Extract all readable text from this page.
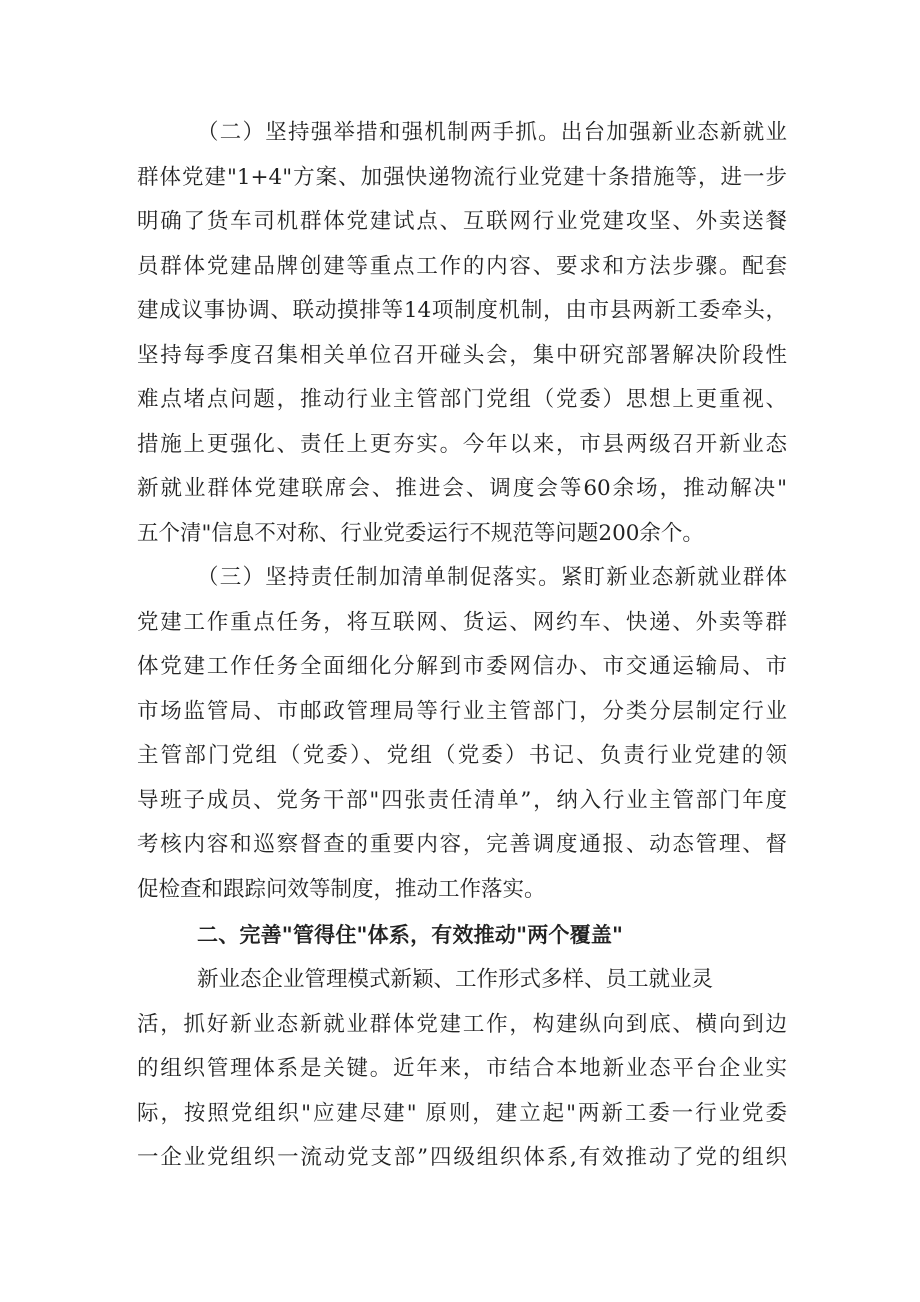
（二）坚持强举措和强机制两手抓。出台加强新业态新就业
群体党建"1+4"方案、加强快递物流行业党建十条措施等，进一步
明确了货车司机群体党建试点、互联网行业党建攻坚、外卖送餐
员群体党建品牌创建等重点工作的内容、要求和方法步骤。配套
建成议事协调、联动摸排等14项制度机制，由市县两新工委牵头，
坚持每季度召集相关单位召开碰头会，集中研究部署解决阶段性
难点堵点问题，推动行业主管部门党组（党委）思想上更重视、
措施上更强化、责任上更夯实。今年以来，市县两级召开新业态
新就业群体党建联席会、推进会、调度会等60余场，推动解决"
五个清"信息不对称、行业党委运行不规范等问题200余个。
（三）坚持责任制加清单制促落实。紧盯新业态新就业群体
党建工作重点任务，将互联网、货运、网约车、快递、外卖等群
体党建工作任务全面细化分解到市委网信办、市交通运输局、市
市场监管局、市邮政管理局等行业主管部门，分类分层制定行业
主管部门党组（党委）、党组（党委）书记、负责行业党建的领
导班子成员、党务干部"四张责任清单”，纳入行业主管部门年度
考核内容和巡察督查的重要内容，完善调度通报、动态管理、督
促检查和跟踪问效等制度，推动工作落实。
二、完善"管得住"体系，有效推动"两个覆盖"
新业态企业管理模式新颖、工作形式多样、员工就业灵
活，抓好新业态新就业群体党建工作，构建纵向到底、横向到边
的组织管理体系是关键。近年来，市结合本地新业态平台企业实
际，按照党组织"应建尽建" 原则，建立起"两新工委一行业党委
一企业党组织一流动党支部”四级组织体系,有效推动了党的组织
